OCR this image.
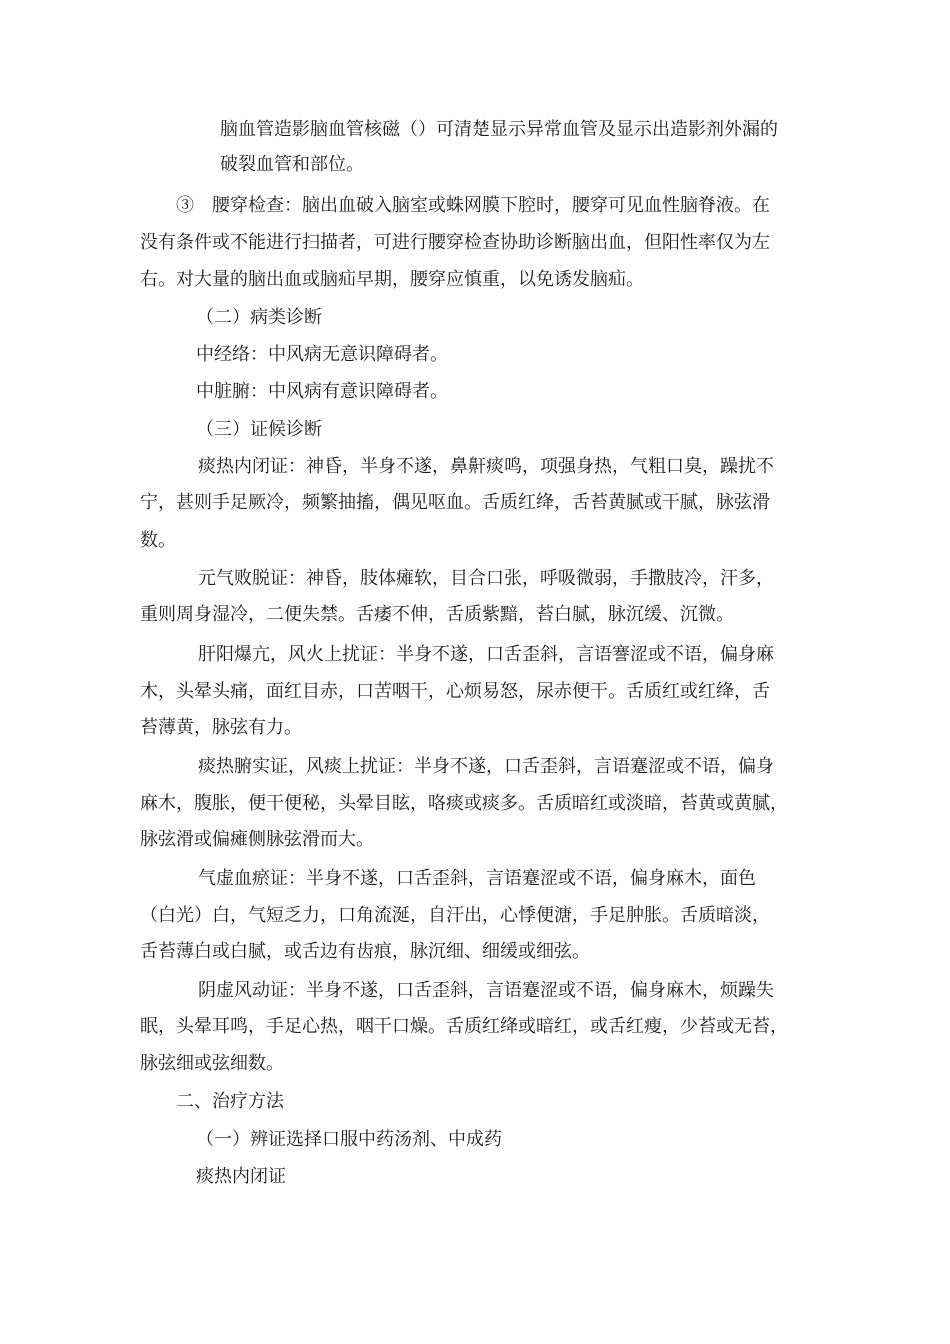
脑血管造影脑血管核磁（）可清楚显示异常血管及显示出造影剂外漏的
破裂血管和部位。
③　腰穿检查：脑出血破入脑室或蛛网膜下腔时，腰穿可见血性脑脊液。在
没有条件或不能进行扫描者，可进行腰穿检查协助诊断脑出血，但阳性率仅为左
右。对大量的脑出血或脑疝早期，腰穿应慎重，以免诱发脑疝。
（二）病类诊断
中经络：中风病无意识障碍者。
中脏腑：中风病有意识障碍者。
（三）证候诊断
痰热内闭证：神昏，半身不遂，鼻鼾痰鸣，项强身热，气粗口臭，躁扰不
宁，甚则手足厥冷，频繁抽搐，偶见呕血。舌质红绛，舌苔黄腻或干腻，脉弦滑
数。
元气败脱证：神昏，肢体瘫软，目合口张，呼吸微弱，手撒肢冷，汗多，
重则周身湿冷，二便失禁。舌痿不伸，舌质紫黯，苔白腻，脉沉缓、沉微。
肝阳爆亢，风火上扰证：半身不遂，口舌歪斜，言语謇涩或不语，偏身麻
木，头晕头痛，面红目赤，口苦咽干，心烦易怒，尿赤便干。舌质红或红绛，舌
苔薄黄，脉弦有力。
痰热腑实证，风痰上扰证：半身不遂，口舌歪斜，言语蹇涩或不语，偏身
麻木，腹胀，便干便秘，头晕目眩，咯痰或痰多。舌质暗红或淡暗，苔黄或黄腻，
脉弦滑或偏瘫侧脉弦滑而大。
气虚血瘀证：半身不遂，口舌歪斜，言语蹇涩或不语，偏身麻木，面色
（白光）白，气短乏力，口角流涎，自汗出，心悸便溏，手足肿胀。舌质暗淡，
舌苔薄白或白腻，或舌边有齿痕，脉沉细、细缓或细弦。
阴虚风动证：半身不遂，口舌歪斜，言语蹇涩或不语，偏身麻木，烦躁失
眠，头晕耳鸣，手足心热，咽干口燥。舌质红绛或暗红，或舌红瘦，少苔或无苔，
脉弦细或弦细数。
二、治疗方法
（一）辨证选择口服中药汤剂、中成药
痰热内闭证
